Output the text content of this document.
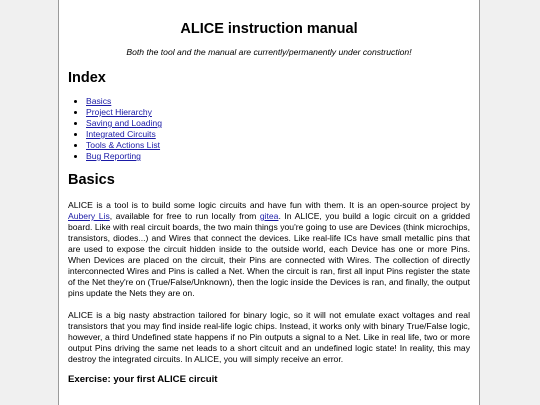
ALICE instruction manual
Both the tool and the manual are currently/permanently under construction!
Index
• Basics
• Project Hierarchy
• Saving and Loading
• Integrated Circuits
• Tools & Actions List
• Bug Reporting
Basics

ALICE is a tool is to build some logic circuits and have fun with them. It is an open-source project by Aubery Lis, available for free to run locally from gitea. In ALICE, you build a logic circuit on a gridded board. Like with real circuit boards, the two main things you're going to use are Devices (think microchips, transistors, diodes...) and Wires that connect the devices. Like real-life ICs have small metallic pins that are used to expose the circuit hidden inside to the outside world, each Device has one or more Pins. When Devices are placed on the circuit, their Pins are connected with Wires. The collection of directly interconnected Wires and Pins is called a Net. When the circuit is ran, first all input Pins register the state of the Net they're on (True/False/Unknown), then the logic inside the Devices is ran, and finally, the output pins update the Nets they are on.

ALICE is a big nasty abstraction tailored for binary logic, so it will not emulate exact voltages and real transistors that you may find inside real-life logic chips. Instead, it works only with binary True/False logic, however, a third Undefined state happens if no Pin outputs a signal to a Net. Like in real life, two or more output Pins driving the same net leads to a short citcuit and an undefined logic state! In reality, this may destroy the integrated circuits. In ALICE, you will simply receive an error.

Exercise: your first ALICE circuit
